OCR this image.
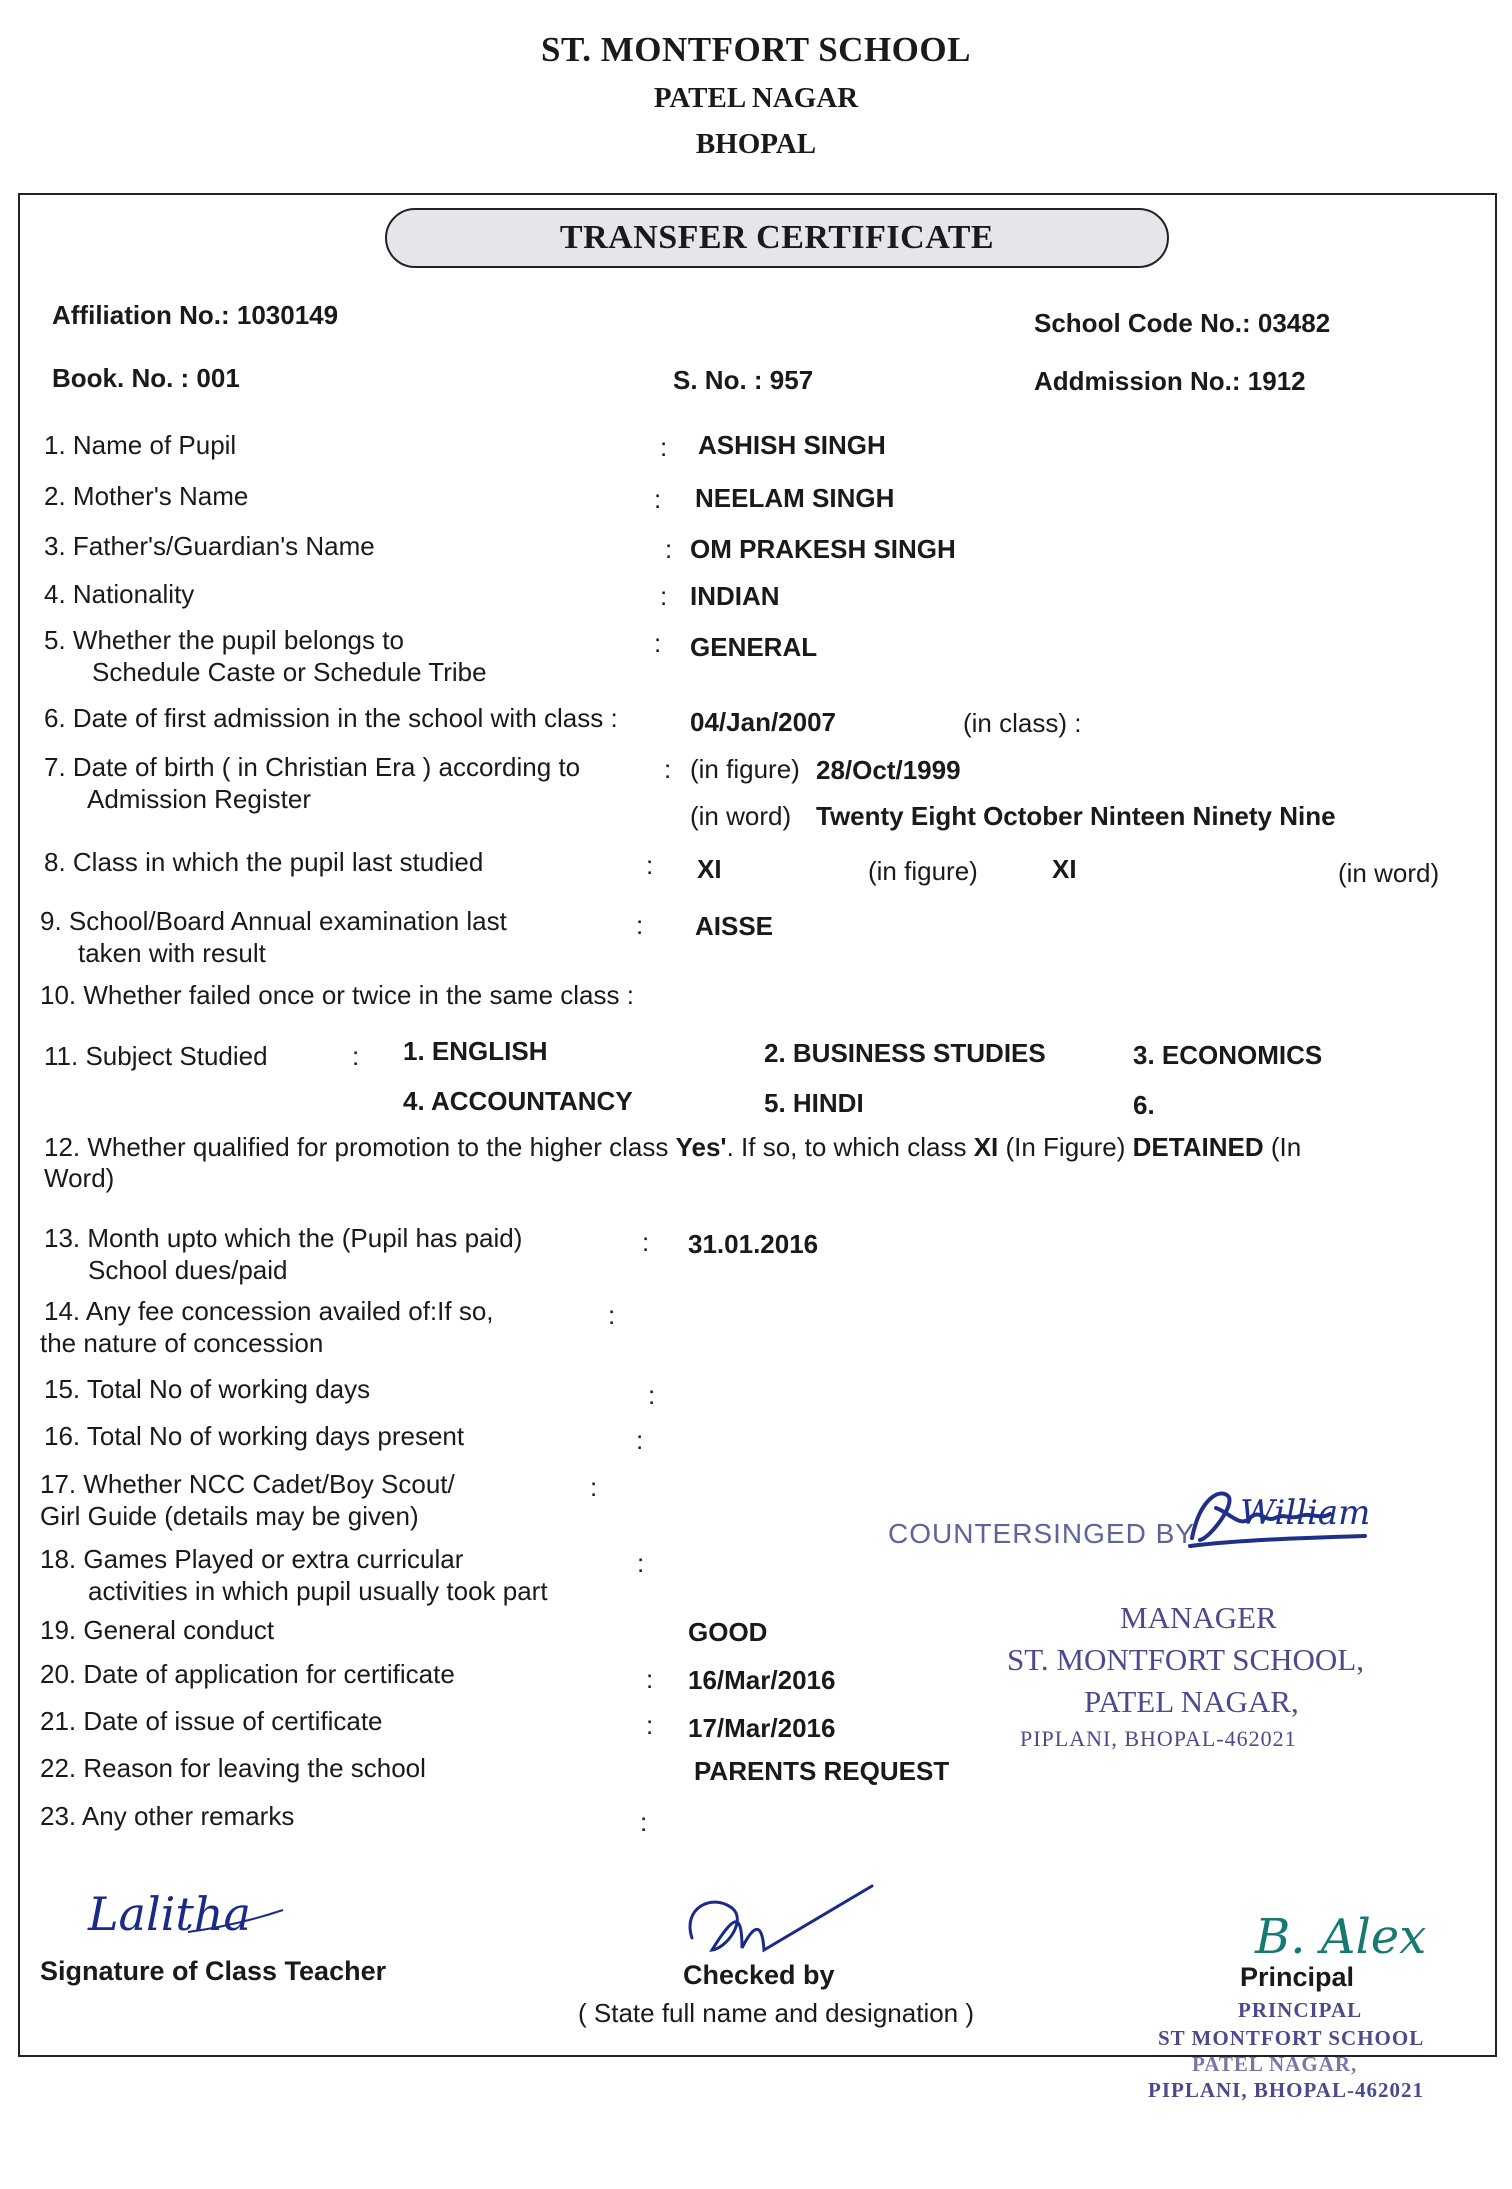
ST. MONTFORT SCHOOL
PATEL NAGAR
BHOPAL
TRANSFER CERTIFICATE
Affiliation No.: 1030149	School Code No.: 03482
Book. No. : 001	S. No. : 957	Addmission No.: 1912
1. Name of Pupil	: ASHISH SINGH
2. Mother's Name	: NEELAM SINGH
3. Father's/Guardian's Name	: OM PRAKESH SINGH
4. Nationality	: INDIAN
5. Whether the pupil belongs to
Schedule Caste or Schedule Tribe
: GENERAL
6. Date of first admission in the school with class :	04/Jan/2007	(in class) :
7. Date of birth ( in Christian Era ) according to
Admission Register
: (in figure) 28/Oct/1999
(in word) Twenty Eight October Ninteen Ninety Nine
8. Class in which the pupil last studied	: XI	(in figure)	XI	(in word)
9. School/Board Annual examination last
taken with result
: AISSE
10. Whether failed once or twice in the same class :
11. Subject Studied	: 1. ENGLISH	2. BUSINESS STUDIES	3. ECONOMICS
4. ACCOUNTANCY	5. HINDI	6.
12. Whether qualified for promotion to the higher class Yes'. If so, to which class XI (In Figure) DETAINED (In
Word)
13. Month upto which the (Pupil has paid)
School dues/paid
: 31.01.2016
14. Any fee concession availed of:If so,
the nature of concession
:
15. Total No of working days	:
16. Total No of working days present	:
17. Whether NCC Cadet/Boy Scout/
Girl Guide (details may be given)
:
18. Games Played or extra curricular
activities in which pupil usually took part
:
19. General conduct	GOOD
20. Date of application for certificate	: 16/Mar/2016
21. Date of issue of certificate	: 17/Mar/2016
22. Reason for leaving the school	PARENTS REQUEST
23. Any other remarks	:
COUNTERSINGED BY
William
MANAGER
ST. MONTFORT SCHOOL,
PATEL NAGAR,
PIPLANI, BHOPAL-462021
Lalitha
Signature of Class Teacher	Checked by
( State full name and designation )
B. Alex
Principal
PRINCIPAL
ST MONTFORT SCHOOL
PATEL NAGAR,
PIPLANI, BHOPAL-462021
